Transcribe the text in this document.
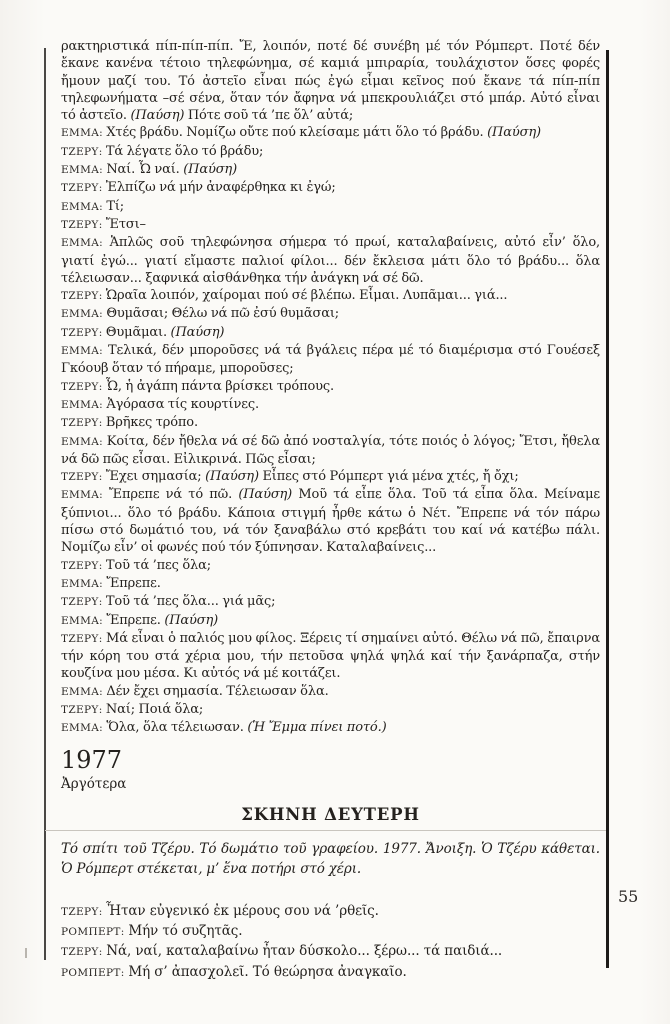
55

ρακτηριστικά πίπ-πίπ-πίπ. Ἔ, λοιπόν, ποτέ δέ συνέβη μέ τόν Ρόμπερτ. Ποτέ δέν ἔκανε κανένα τέτοιο τηλεφώνημα, σέ καμιά μπιραρία, τουλάχιστον ὅσες φορές ἤμουν μαζί του. Τό ἀστεῖο εἶναι πώς ἐγώ εἶμαι κεῖνος πού ἔκανε τά πίπ-πίπ τηλεφωνήματα –σέ σένα, ὅταν τόν ἄφηνα νά μπεκρουλιάζει στό μπάρ. Αὐτό εἶναι τό ἀστεῖο. (Παύση) Πότε σοῦ τά ’πε ὅλ’ αὐτά;

ΕΜΜΑ: Χτές βράδυ. Νομίζω οὔτε πού κλείσαμε μάτι ὅλο τό βράδυ. (Παύση)

ΤΖΕΡΥ: Τά λέγατε ὅλο τό βράδυ;

ΕΜΜΑ: Ναί. Ὦ ναί. (Παύση)

ΤΖΕΡΥ: Ἐλπίζω νά μήν ἀναφέρθηκα κι ἐγώ;

ΕΜΜΑ: Τί;

ΤΖΕΡΥ: Ἔτσι–

ΕΜΜΑ: Ἁπλῶς σοῦ τηλεφώνησα σήμερα τό πρωί, καταλαβαίνεις, αὐτό εἶν’ ὅλο, γιατί ἐγώ... γιατί εἴμαστε παλιοί φίλοι... δέν ἔκλεισα μάτι ὅλο τό βράδυ... ὅλα τέλειωσαν... ξαφνικά αἰσθάνθηκα τήν ἀνάγκη νά σέ δῶ.

ΤΖΕΡΥ: Ὡραῖα λοιπόν, χαίρομαι πού σέ βλέπω. Εἶμαι. Λυπᾶμαι... γιά...

ΕΜΜΑ: Θυμᾶσαι; Θέλω νά πῶ ἐσύ θυμᾶσαι;

ΤΖΕΡΥ: Θυμᾶμαι. (Παύση)

ΕΜΜΑ: Τελικά, δέν μποροῦσες νά τά βγάλεις πέρα μέ τό διαμέρισμα στό Γουέσεξ Γκόουβ ὅταν τό πήραμε, μποροῦσες;

ΤΖΕΡΥ: Ὦ, ἡ ἀγάπη πάντα βρίσκει τρόπους.

ΕΜΜΑ: Ἀγόρασα τίς κουρτίνες.

ΤΖΕΡΥ: Βρῆκες τρόπο.

ΕΜΜΑ: Κοίτα, δέν ἤθελα νά σέ δῶ ἀπό νοσταλγία, τότε ποιός ὁ λόγος; Ἔτσι, ἤθελα νά δῶ πῶς εἶσαι. Εἰλικρινά. Πῶς εἶσαι;

ΤΖΕΡΥ: Ἔχει σημασία; (Παύση) Εἶπες στό Ρόμπερτ γιά μένα χτές, ἤ ὄχι;

ΕΜΜΑ: Ἔπρεπε νά τό πῶ. (Παύση) Μοῦ τά εἶπε ὅλα. Τοῦ τά εἶπα ὅλα. Μείναμε ξύπνιοι... ὅλο τό βράδυ. Κάποια στιγμή ἦρθε κάτω ὁ Νέτ. Ἔπρεπε νά τόν πάρω πίσω στό δωμάτιό του, νά τόν ξαναβάλω στό κρεβάτι του καί νά κατέβω πάλι. Νομίζω εἶν’ οἱ φωνές πού τόν ξύπνησαν. Καταλαβαίνεις...

ΤΖΕΡΥ: Τοῦ τά ’πες ὅλα;

ΕΜΜΑ: Ἔπρεπε.

ΤΖΕΡΥ: Τοῦ τά ’πες ὅλα... γιά μᾶς;

ΕΜΜΑ: Ἔπρεπε. (Παύση)

ΤΖΕΡΥ: Μά εἶναι ὁ παλιός μου φίλος. Ξέρεις τί σημαίνει αὐτό. Θέλω νά πῶ, ἔπαιρνα τήν κόρη του στά χέρια μου, τήν πετοῦσα ψηλά ψηλά καί τήν ξανάρπαζα, στήν κουζίνα μου μέσα. Κι αὐτός νά μέ κοιτάζει.

ΕΜΜΑ: Δέν ἔχει σημασία. Τέλειωσαν ὅλα.

ΤΖΕΡΥ: Ναί; Ποιά ὅλα;

ΕΜΜΑ: Ὅλα, ὅλα τέλειωσαν. (Ἡ Ἔμμα πίνει ποτό.)

1977
Ἀργότερα
ΣΚΗΝΗ ΔΕΥΤΕΡΗ
Τό σπίτι τοῦ Τζέρυ. Τό δωμάτιο τοῦ γραφείου. 1977. Ἄνοιξη. Ὁ Τζέρυ κάθεται. Ὁ Ρόμπερτ στέκεται, μ’ ἕνα ποτήρι στό χέρι.

ΤΖΕΡΥ: Ἦταν εὐγενικό ἐκ μέρους σου νά ’ρθεῖς.

ΡΟΜΠΕΡΤ: Μήν τό συζητᾶς.

ΤΖΕΡΥ: Νά, ναί, καταλαβαίνω ἦταν δύσκολο... ξέρω... τά παιδιά...

ΡΟΜΠΕΡΤ: Μή σ’ ἀπασχολεῖ. Τό θεώρησα ἀναγκαῖο.
